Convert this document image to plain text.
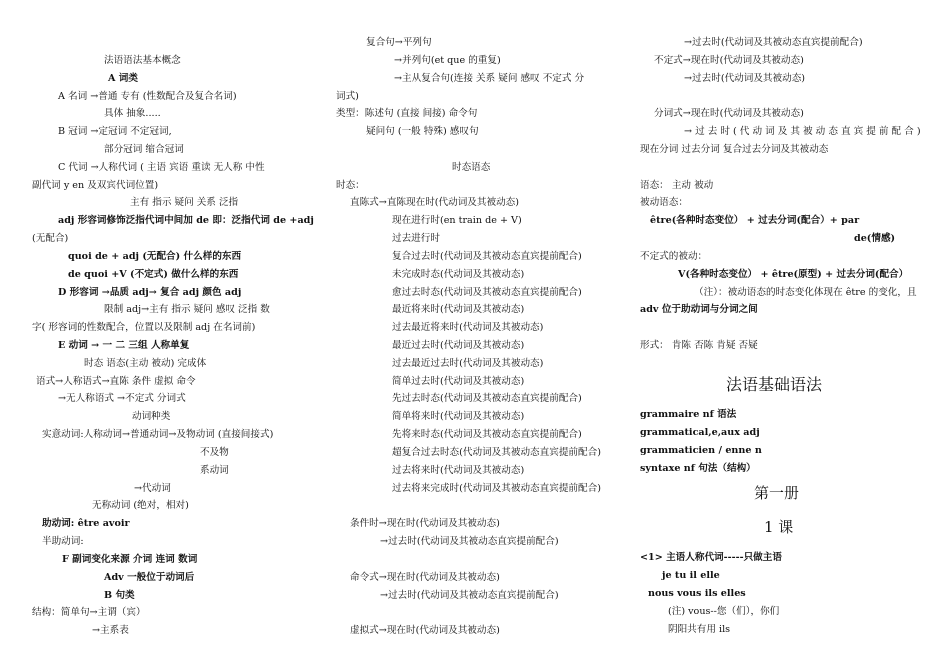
法语语法基本概念
A 词类
A 名词 →普通 专有 (性数配合及复合名词)
具体 抽象.....
B 冠词 →定冠词 不定冠词,
部分冠词 缩合冠词
C 代词 →人称代词 ( 主语 宾语 重读 无人称 中性
副代词 y en 及双宾代词位置)
主有 指示 疑问 关系 泛指
adj 形容词修饰泛指代词中间加 de 即：泛指代词 de +adj
(无配合)
quoi de + adj (无配合) 什么样的东西
de quoi +V (不定式) 做什么样的东西
D 形容词 →品质 adj→ 复合 adj 颜色 adj
限制 adj→主有 指示 疑问 感叹 泛指 数
字( 形容词的性数配合，位置以及限制 adj 在名词前)
E 动词 → 一 二 三组 人称单复
时态 语态(主动 被动) 完成体
语式→人称语式→直陈 条件 虚拟 命令
→无人称语式 →不定式 分词式
动词种类
实意动词:人称动词→普通动词→及物动词 (直接间接式)
不及物
系动词
→代动词
无称动词 (绝对，相对)
助动词: être avoir
半助动词:
F 副词变化来源 介词 连词 数词
Adv 一般位于动词后
B 句类
结构：简单句→主谓（宾）
→主系表
复合句→平列句
→并列句(et que 的重复)
→主从复合句(连接 关系 疑问 感叹 不定式 分
词式)
类型：陈述句 (直接 间接) 命令句
疑问句 (一般 特殊) 感叹句
时态语态
时态：
直陈式→直陈现在时(代动词及其被动态)
现在进行时(en train de + V)
过去进行时
复合过去时(代动词及其被动态直宾提前配合)
未完成时态(代动词及其被动态)
愈过去时态(代动词及其被动态直宾提前配合)
最近将来时(代动词及其被动态)
过去最近将来时(代动词及其被动态)
最近过去时(代动词及其被动态)
过去最近过去时(代动词及其被动态)
简单过去时(代动词及其被动态)
先过去时态(代动词及其被动态直宾提前配合)
简单将来时(代动词及其被动态)
先将来时态(代动词及其被动态直宾提前配合)
超复合过去时态(代动词及其被动态直宾提前配合)
过去将来时(代动词及其被动态)
过去将来完成时(代动词及其被动态直宾提前配合)
条件时→现在时(代动词及其被动态)
→过去时(代动词及其被动态直宾提前配合)
命令式→现在时(代动词及其被动态)
→过去时(代动词及其被动态直宾提前配合)
虚拟式→现在时(代动词及其被动态)
→过去时(代动词及其被动态直宾提前配合)
不定式→现在时(代动词及其被动态)
→过去时(代动词及其被动态)
分词式→现在时(代动词及其被动态)
→ 过 去 时 ( 代 动 词 及 其 被 动 态 直 宾 提 前 配 合 )
现在分词 过去分词 复合过去分词及其被动态
语态： 主动 被动
被动语态：
être(各种时态变位） + 过去分词(配合）+ par
de(情感)
不定式的被动：
V(各种时态变位） + être(原型) + 过去分词(配合）
（注）：被动语态的时态变化体现在 être 的变化，且
adv 位于助动词与分词之间
形式： 肯陈 否陈 肯疑 否疑
法语基础语法
grammaire nf 语法
grammatical,e,aux adj
grammaticien / enne n
syntaxe nf 句法（结构）
第一册
1 课
<1> 主语人称代词-----只做主语
je tu il elle
nous vous ils elles
(注) vous--您（们），你们
阴阳共有用 ils
